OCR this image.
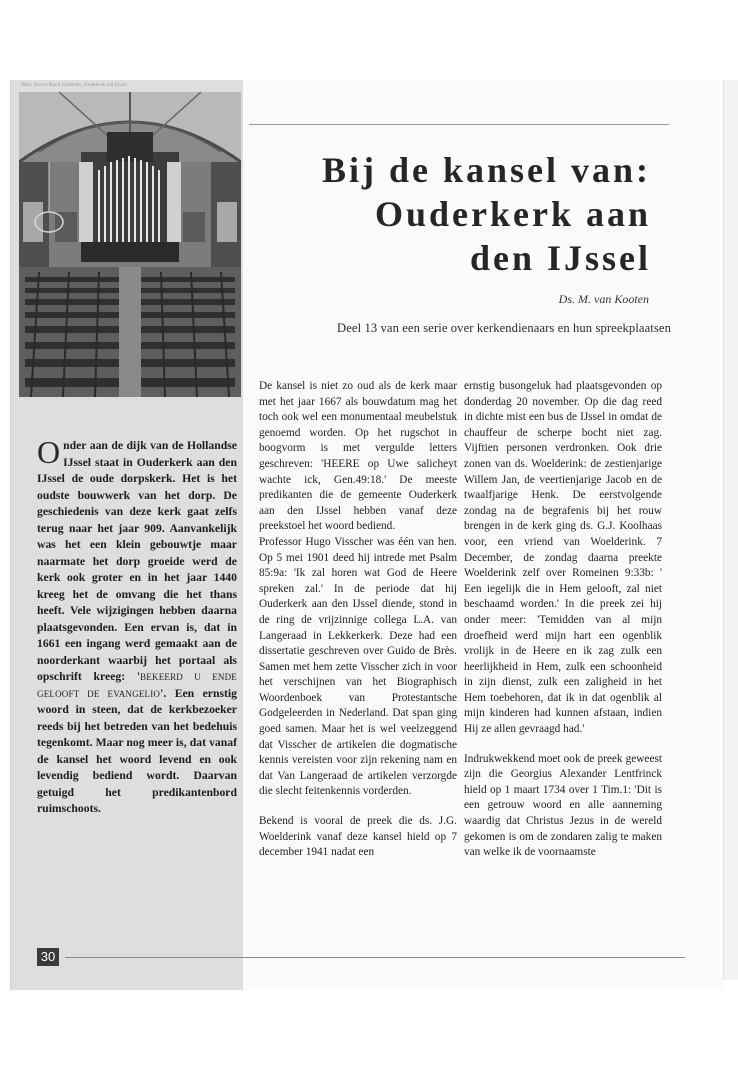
Med. Hoyer Bach Centrum, Oudekerk a/d IJssel
Onder aan de dijk van de Hollandse IJssel staat in Ouderkerk aan den IJssel de oude dorpskerk. Het is het oudste bouwwerk van het dorp. De geschiedenis van deze kerk gaat zelfs terug naar het jaar 909. Aanvankelijk was het een klein gebouwtje maar naarmate het dorp groeide werd de kerk ook groter en in het jaar 1440 kreeg het de omvang die het thans heeft. Vele wijzigingen hebben daarna plaatsgevonden. Een ervan is, dat in 1661 een ingang werd gemaakt aan de noorderkant waarbij het portaal als opschrift kreeg: 'BEKEERD U ENDE GELOOFT DE EVANGELIO'. Een ernstig woord in steen, dat de kerkbezoeker reeds bij het betreden van het bedehuis tegenkomt. Maar nog meer is, dat vanaf de kansel het woord levend en ook levendig bediend wordt. Daarvan getuigd het predikantenbord ruimschoots.
30
Bij de kansel van:
Ouderkerk aan
den IJssel
Ds. M. van Kooten
Deel 13 van een serie over kerkendienaars en hun spreekplaatsen

De kansel is niet zo oud als de kerk maar met het jaar 1667 als bouwdatum mag het toch ook wel een monumentaal meubelstuk genoemd worden. Op het rugschot in boogvorm is met vergulde letters geschreven: 'HEERE op Uwe salicheyt wachte ick, Gen.49:18.' De meeste predikanten die de gemeente Ouderkerk aan den IJssel hebben vanaf deze preekstoel het woord bediend.

Professor Hugo Visscher was één van hen. Op 5 mei 1901 deed hij intrede met Psalm 85:9a: 'Ik zal horen wat God de Heere spreken zal.' In de periode dat hij Ouderkerk aan den IJssel diende, stond in de ring de vrijzinnige collega L.A. van Langeraad in Lekkerkerk. Deze had een dissertatie geschreven over Guido de Brès. Samen met hem zette Visscher zich in voor het verschijnen van het Biographisch Woordenboek van Protestantsche Godgeleerden in Nederland. Dat span ging goed samen. Maar het is wel veelzeggend dat Visscher de artikelen die dogmatische kennis vereisten voor zijn rekening nam en dat Van Langeraad de artikelen verzorgde die slecht feitenkennis vorderden.

Bekend is vooral de preek die ds. J.G. Woelderink vanaf deze kansel hield op 7 december 1941 nadat een

ernstig busongeluk had plaatsgevonden op donderdag 20 november. Op die dag reed in dichte mist een bus de IJssel in omdat de chauffeur de scherpe bocht niet zag. Vijftien personen verdronken. Ook drie zonen van ds. Woelderink: de zestienjarige Willem Jan, de veertienjarige Jacob en de twaalfjarige Henk. De eerstvolgende zondag na de begrafenis bij het rouw brengen in de kerk ging ds. G.J. Koolhaas voor, een vriend van Woelderink. 7 December, de zondag daarna preekte Woelderink zelf over Romeinen 9:33b: ' Een iegelijk die in Hem gelooft, zal niet beschaamd worden.' In die preek zei hij onder meer: 'Temidden van al mijn droefheid werd mijn hart een ogenblik vrolijk in de Heere en ik zag zulk een heerlijkheid in Hem, zulk een schoonheid in zijn dienst, zulk een zaligheid in het Hem toebehoren, dat ik in dat ogenblik al mijn kinderen had kunnen afstaan, indien Hij ze allen gevraagd had.'

Indrukwekkend moet ook de preek geweest zijn die Georgius Alexander Lentfrinck hield op 1 maart 1734 over 1 Tim.1: 'Dit is een getrouw woord en alle aanneming waardig dat Christus Jezus in de wereld gekomen is om de zondaren zalig te maken van welke ik de voornaamste
